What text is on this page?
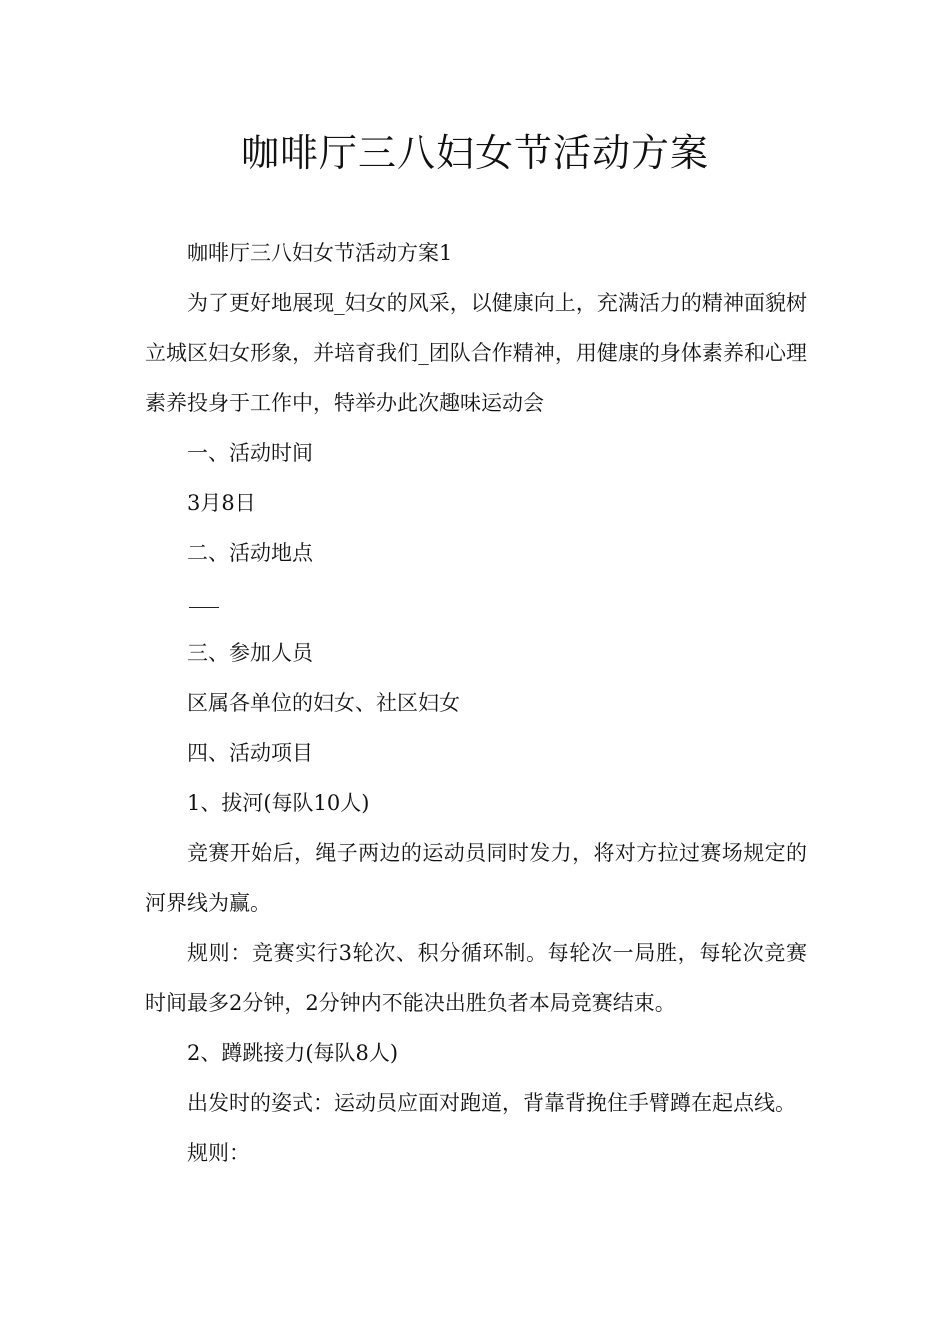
咖啡厅三八妇女节活动方案

咖啡厅三八妇女节活动方案1

为了更好地展现_妇女的风采，以健康向上，充满活力的精神面貌树立城区妇女形象，并培育我们_团队合作精神，用健康的身体素养和心理素养投身于工作中，特举办此次趣味运动会

一、活动时间

3月8日

二、活动地点

三、参加人员

区属各单位的妇女、社区妇女

四、活动项目

1、拔河(每队10人)

竞赛开始后，绳子两边的运动员同时发力，将对方拉过赛场规定的河界线为赢。

规则：竞赛实行3轮次、积分循环制。每轮次一局胜，每轮次竞赛时间最多2分钟，2分钟内不能决出胜负者本局竞赛结束。

2、蹲跳接力(每队8人)

出发时的姿式：运动员应面对跑道，背靠背挽住手臂蹲在起点线。

规则：
